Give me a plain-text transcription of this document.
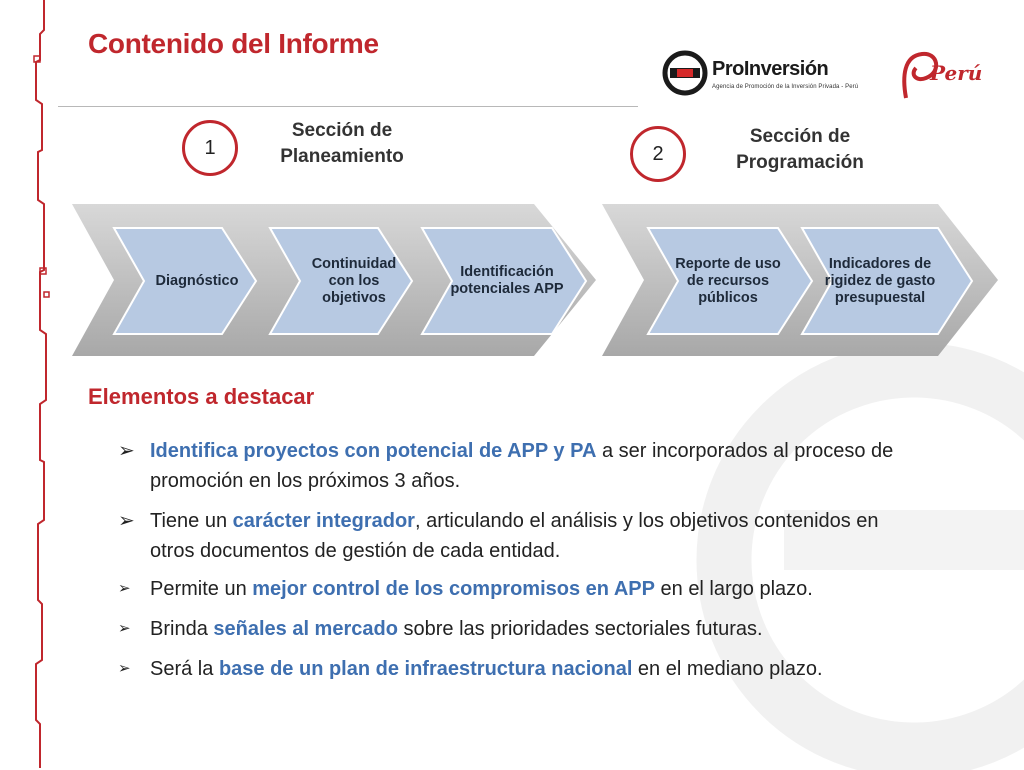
Contenido del Informe
ProInversión
Agencia de Promoción de la Inversión Privada - Perú
Perú
1
Sección de Planeamiento	2
Sección de Programación
Diagnóstico
Continuidad con los objetivos
Identificación potenciales APP
Reporte de uso de recursos públicos
Indicadores de rigidez de gasto presupuestal
Elementos a destacar
➢ Identifica proyectos con potencial de APP y PA a ser incorporados al proceso de promoción en los próximos 3 años.
➢ Tiene un carácter integrador, articulando el análisis y los objetivos contenidos en otros documentos de gestión de cada entidad.
➢ Permite un mejor control de los compromisos en APP en el largo plazo.
➢ Brinda señales al mercado sobre las prioridades sectoriales futuras.
➢ Será la base de un plan de infraestructura nacional en el mediano plazo.
